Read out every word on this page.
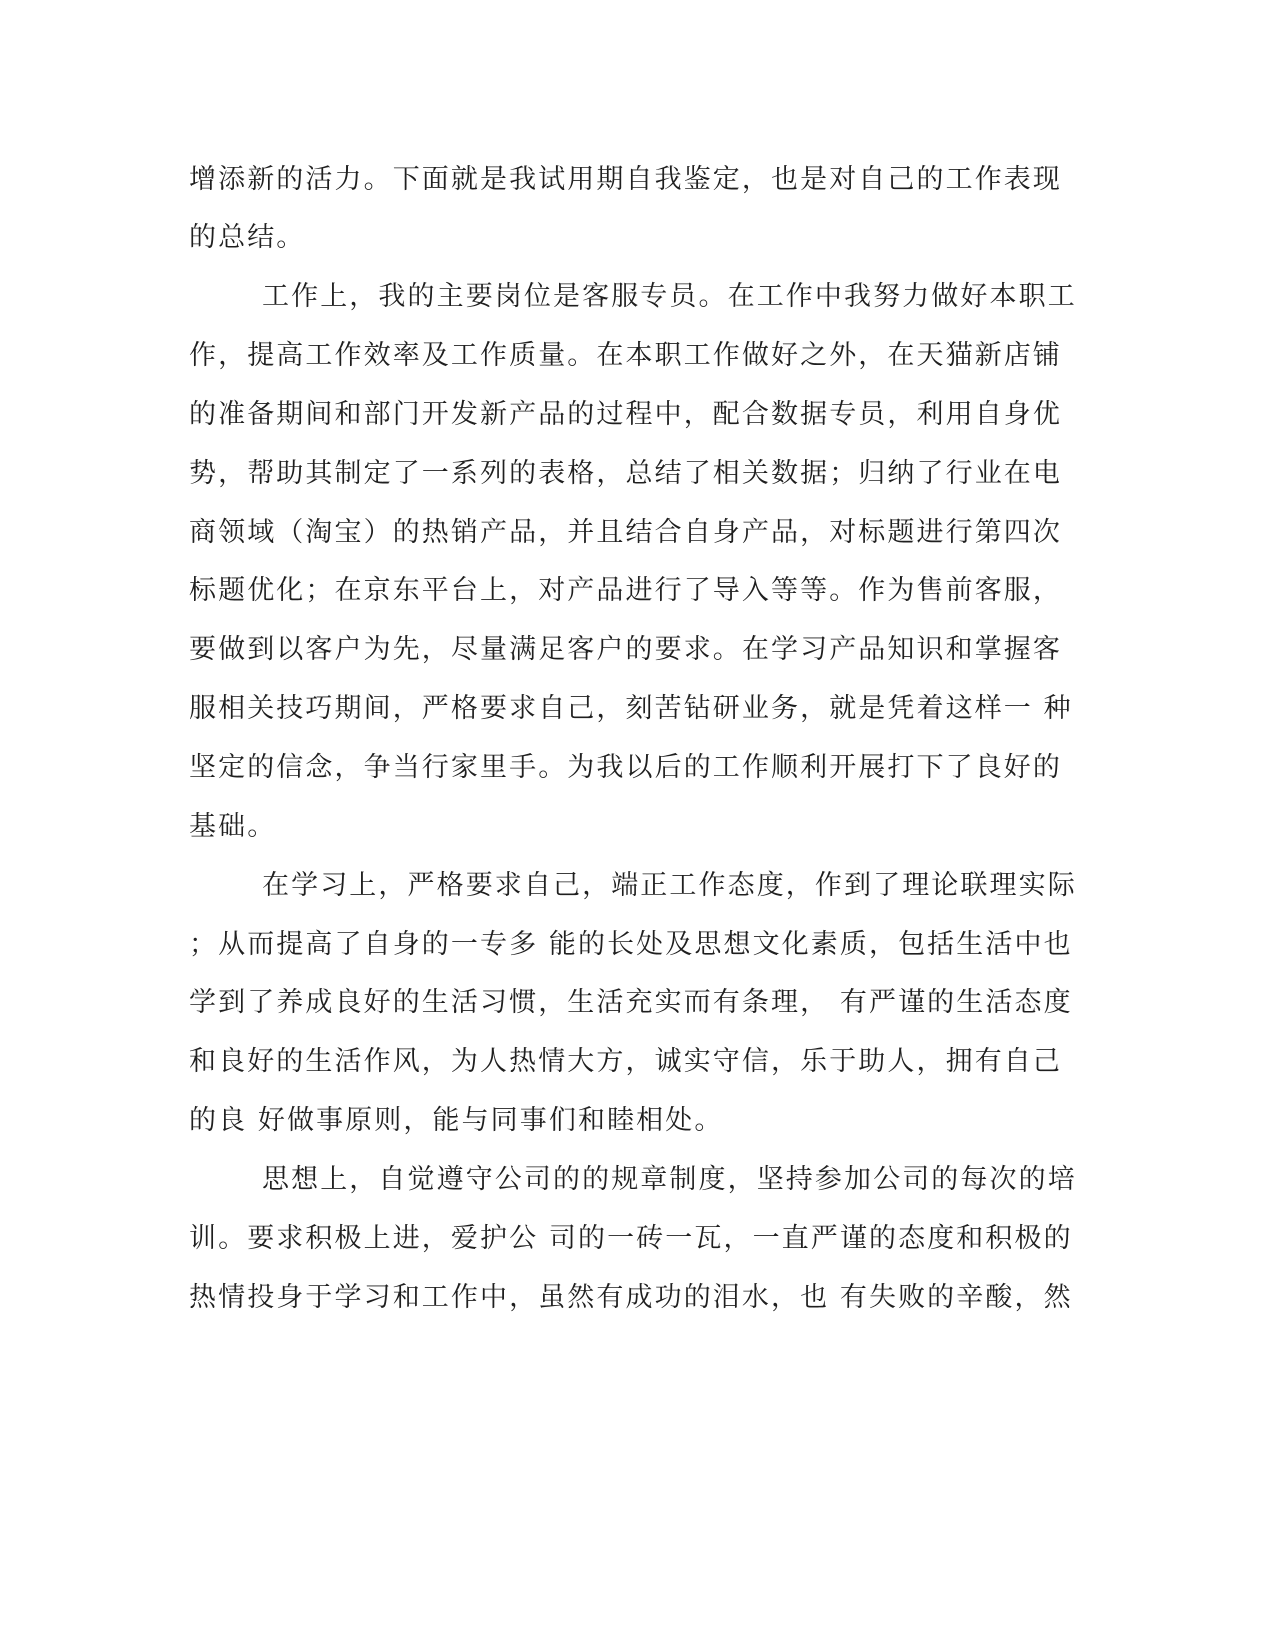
增添新的活力。下面就是我试用期自我鉴定，也是对自己的工作表现
的总结。
工作上，我的主要岗位是客服专员。在工作中我努力做好本职工
作，提高工作效率及工作质量。在本职工作做好之外，在天猫新店铺
的准备期间和部门开发新产品的过程中，配合数据专员，利用自身优
势，帮助其制定了一系列的表格，总结了相关数据；归纳了行业在电
商领域（淘宝）的热销产品，并且结合自身产品，对标题进行第四次
标题优化；在京东平台上，对产品进行了导入等等。作为售前客服，
要做到以客户为先，尽量满足客户的要求。在学习产品知识和掌握客
服相关技巧期间，严格要求自己，刻苦钻研业务，就是凭着这样一 种
坚定的信念，争当行家里手。为我以后的工作顺利开展打下了良好的
基础。
在学习上，严格要求自己，端正工作态度，作到了理论联理实际
；从而提高了自身的一专多 能的长处及思想文化素质，包括生活中也
学到了养成良好的生活习惯，生活充实而有条理， 有严谨的生活态度
和良好的生活作风，为人热情大方，诚实守信，乐于助人，拥有自己
的良 好做事原则，能与同事们和睦相处。
思想上，自觉遵守公司的的规章制度，坚持参加公司的每次的培
训。要求积极上进，爱护公 司的一砖一瓦，一直严谨的态度和积极的
热情投身于学习和工作中，虽然有成功的泪水，也 有失败的辛酸，然
